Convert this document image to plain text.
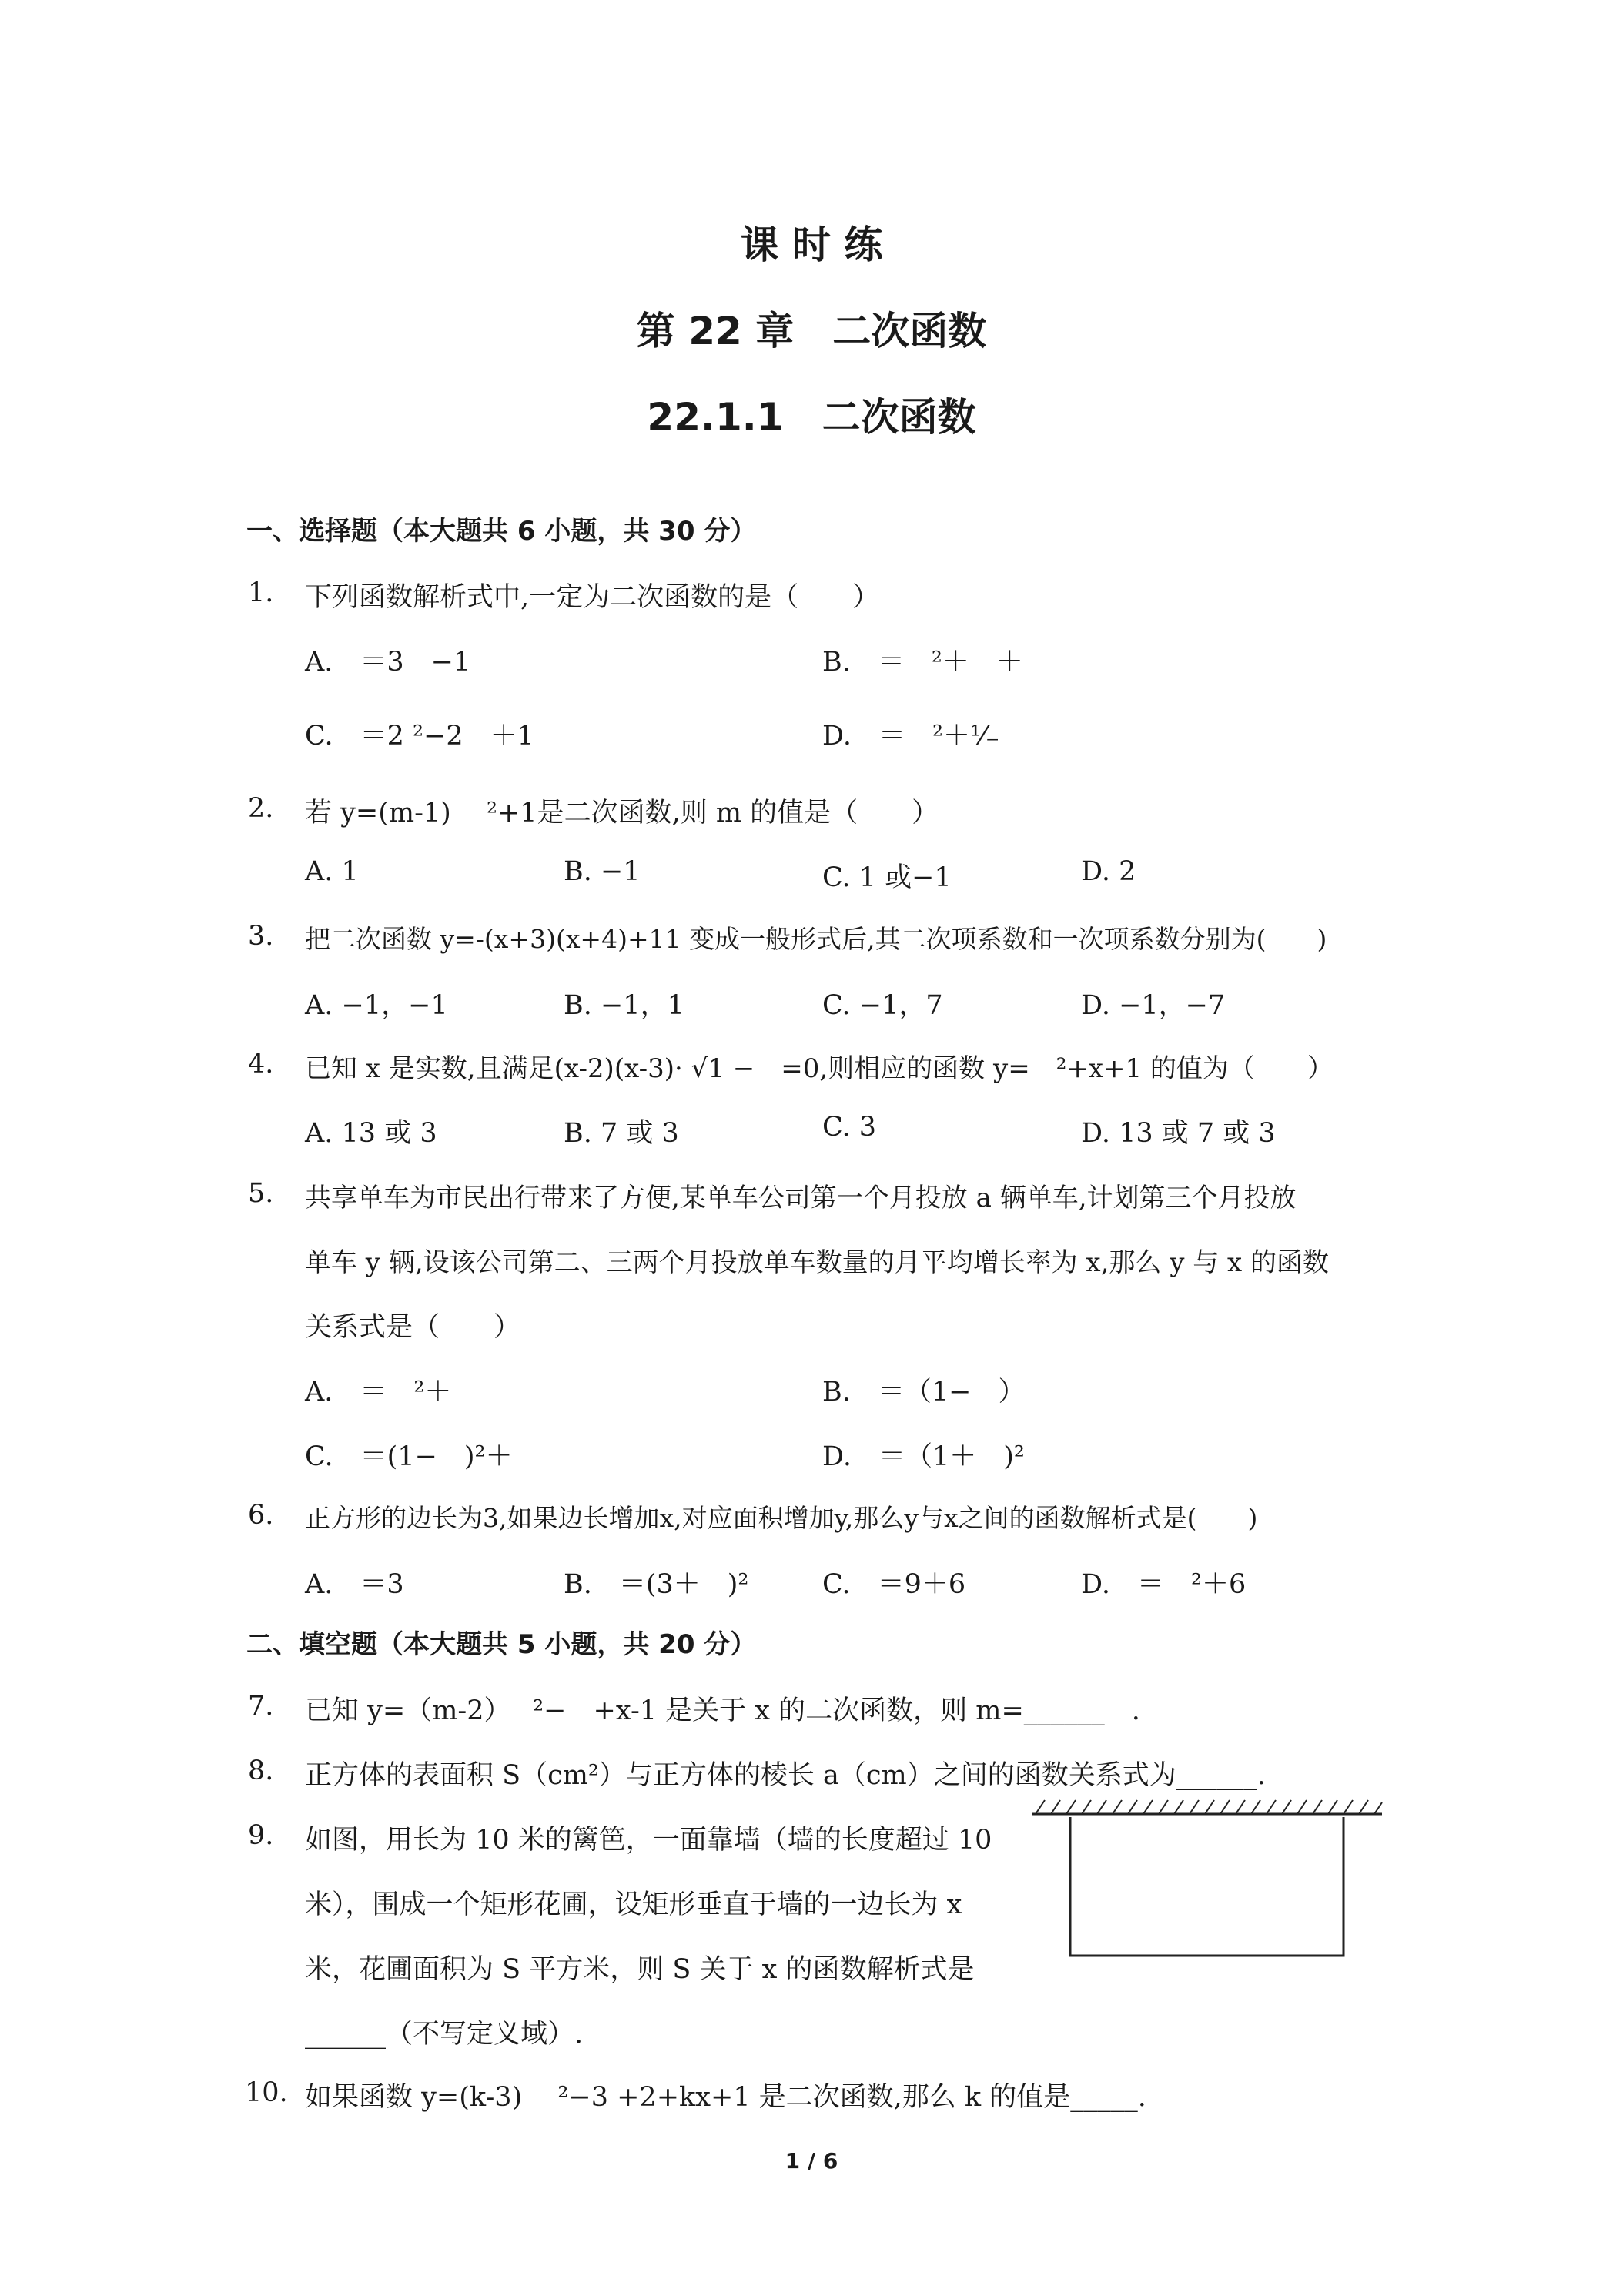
课 时 练
第 22 章　二次函数
22.1.1　二次函数
一、选择题（本大题共 6 小题，共 30 分）
1. 下列函数解析式中,一定为二次函数的是（　　）
A.　＝3　−1	B.　＝　²＋　＋
C.　＝2 ²−2　＋1	D.　＝　²＋¹⁄₋
2. 若 y=(m-1)　 ²+1是二次函数,则 m 的值是（　　）
A. 1	B. −1	C. 1 或−1	D. 2
3. 把二次函数 y=-(x+3)(x+4)+11 变成一般形式后,其二次项系数和一次项系数分别为(　　)
A. −1，−1	B. −1，1	C. −1，7	D. −1，−7
4. 已知 x 是实数,且满足(x-2)(x-3)· √1 −　=0,则相应的函数 y=　²+x+1 的值为（　　）
A. 13 或 3	B. 7 或 3	C. 3	D. 13 或 7 或 3
5. 共享单车为市民出行带来了方便,某单车公司第一个月投放 a 辆单车,计划第三个月投放
单车 y 辆,设该公司第二、三两个月投放单车数量的月平均增长率为 x,那么 y 与 x 的函数
关系式是（　　）
A.　＝　²＋	B.　＝（1−　）
C.　＝(1−　)²＋	D.　＝（1＋　)²
6. 正方形的边长为3,如果边长增加x,对应面积增加y,那么y与x之间的函数解析式是(　　)
A.　＝3	B.　＝(3＋　)²	C.　＝9＋6	D.　＝　²＋6
二、填空题（本大题共 5 小题，共 20 分）
7. 已知 y=（m-2）　 ²−　+x-1 是关于 x 的二次函数，则 m=______　.
8. 正方体的表面积 S（cm²）与正方体的棱长 a（cm）之间的函数关系式为______.
9. 如图，用长为 10 米的篱笆，一面靠墙（墙的长度超过 10
米），围成一个矩形花圃，设矩形垂直于墙的一边长为 x
米，花圃面积为 S 平方米，则 S 关于 x 的函数解析式是
______（不写定义域）.
10. 如果函数 y=(k-3)　 ²−3 +2+kx+1 是二次函数,那么 k 的值是_____.
1 / 6
